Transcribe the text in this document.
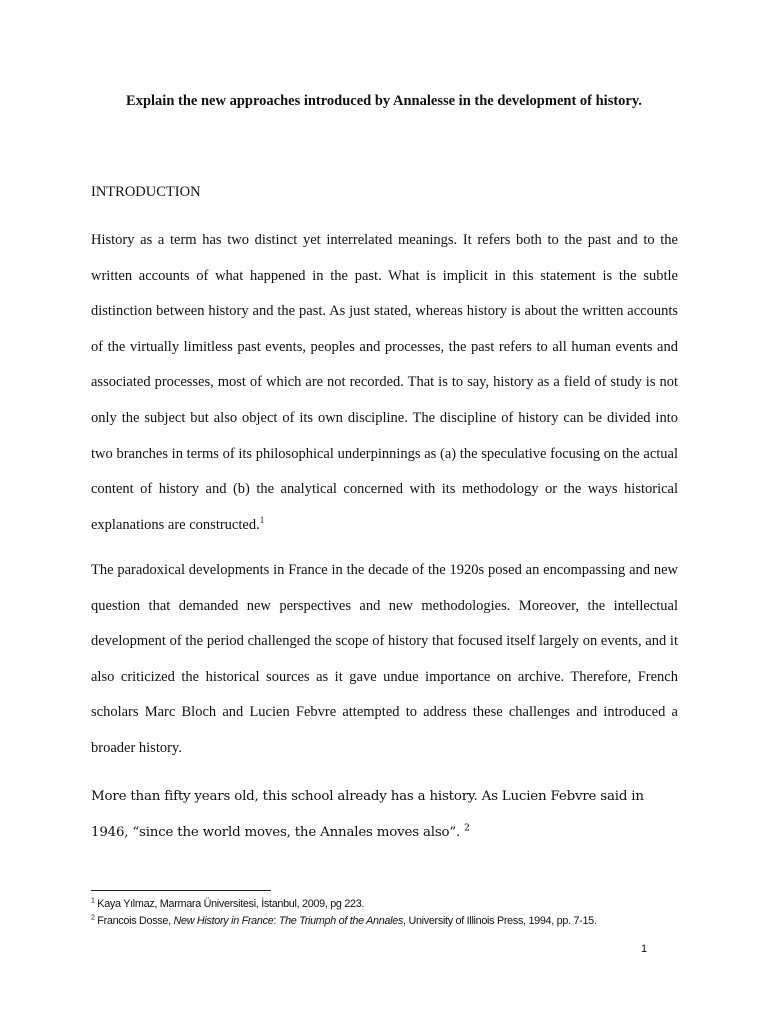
Explain the new approaches introduced by Annalesse in the development of history.
INTRODUCTION

History as a term has two distinct yet interrelated meanings. It refers both to the past and to the written accounts of what happened in the past. What is implicit in this statement is the subtle distinction between history and the past. As just stated, whereas history is about the written accounts of the virtually limitless past events, peoples and processes, the past refers to all human events and associated processes, most of which are not recorded. That is to say, history as a field of study is not only the subject but also object of its own discipline. The discipline of history can be divided into two branches in terms of its philosophical underpinnings as (a) the speculative focusing on the actual content of history and (b) the analytical concerned with its methodology or the ways historical explanations are constructed.$^1$

The paradoxical developments in France in the decade of the 1920s posed an encompassing and new question that demanded new perspectives and new methodologies. Moreover, the intellectual development of the period challenged the scope of history that focused itself largely on events, and it also criticized the historical sources as it gave undue importance on archive. Therefore, French scholars Marc Bloch and Lucien Febvre attempted to address these challenges and introduced a broader history.

More than fifty years old, this school already has a history. As Lucien Febvre said in 1946, “since the world moves, the Annales moves also”. $^2$

$^1$ Kaya Yılmaz, Marmara Üniversitesi, İstanbul, 2009, pg 223.

$^2$ Francois Dosse, New History in France: The Triumph of the Annales, University of Illinois Press, 1994, pp. 7-15.

1
